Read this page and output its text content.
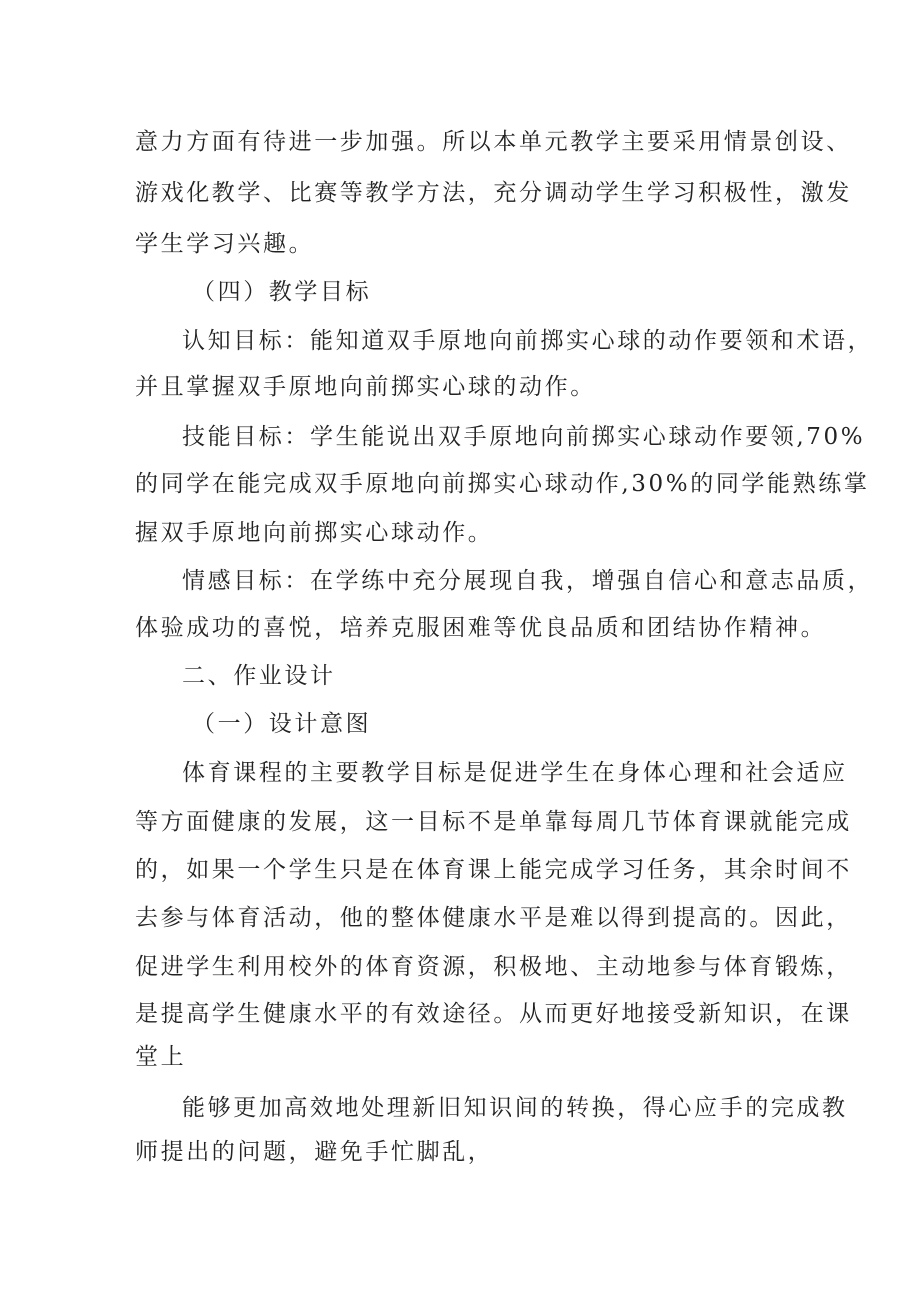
意力方面有待进一步加强。所以本单元教学主要采用情景创设、
游戏化教学、比赛等教学方法，充分调动学生学习积极性，激发
学生学习兴趣。
（四）教学目标
认知目标：能知道双手原地向前掷实心球的动作要领和术语，
并且掌握双手原地向前掷实心球的动作。
技能目标：学生能说出双手原地向前掷实心球动作要领,70%
的同学在能完成双手原地向前掷实心球动作,30%的同学能熟练掌
握双手原地向前掷实心球动作。
情感目标：在学练中充分展现自我，增强自信心和意志品质，
体验成功的喜悦，培养克服困难等优良品质和团结协作精神。
二、作业设计
（一）设计意图
体育课程的主要教学目标是促进学生在身体心理和社会适应
等方面健康的发展，这一目标不是单靠每周几节体育课就能完成
的，如果一个学生只是在体育课上能完成学习任务，其余时间不
去参与体育活动，他的整体健康水平是难以得到提高的。因此，
促进学生利用校外的体育资源，积极地、主动地参与体育锻炼，
是提高学生健康水平的有效途径。从而更好地接受新知识，在课
堂上
能够更加高效地处理新旧知识间的转换，得心应手的完成教
师提出的问题，避免手忙脚乱，
